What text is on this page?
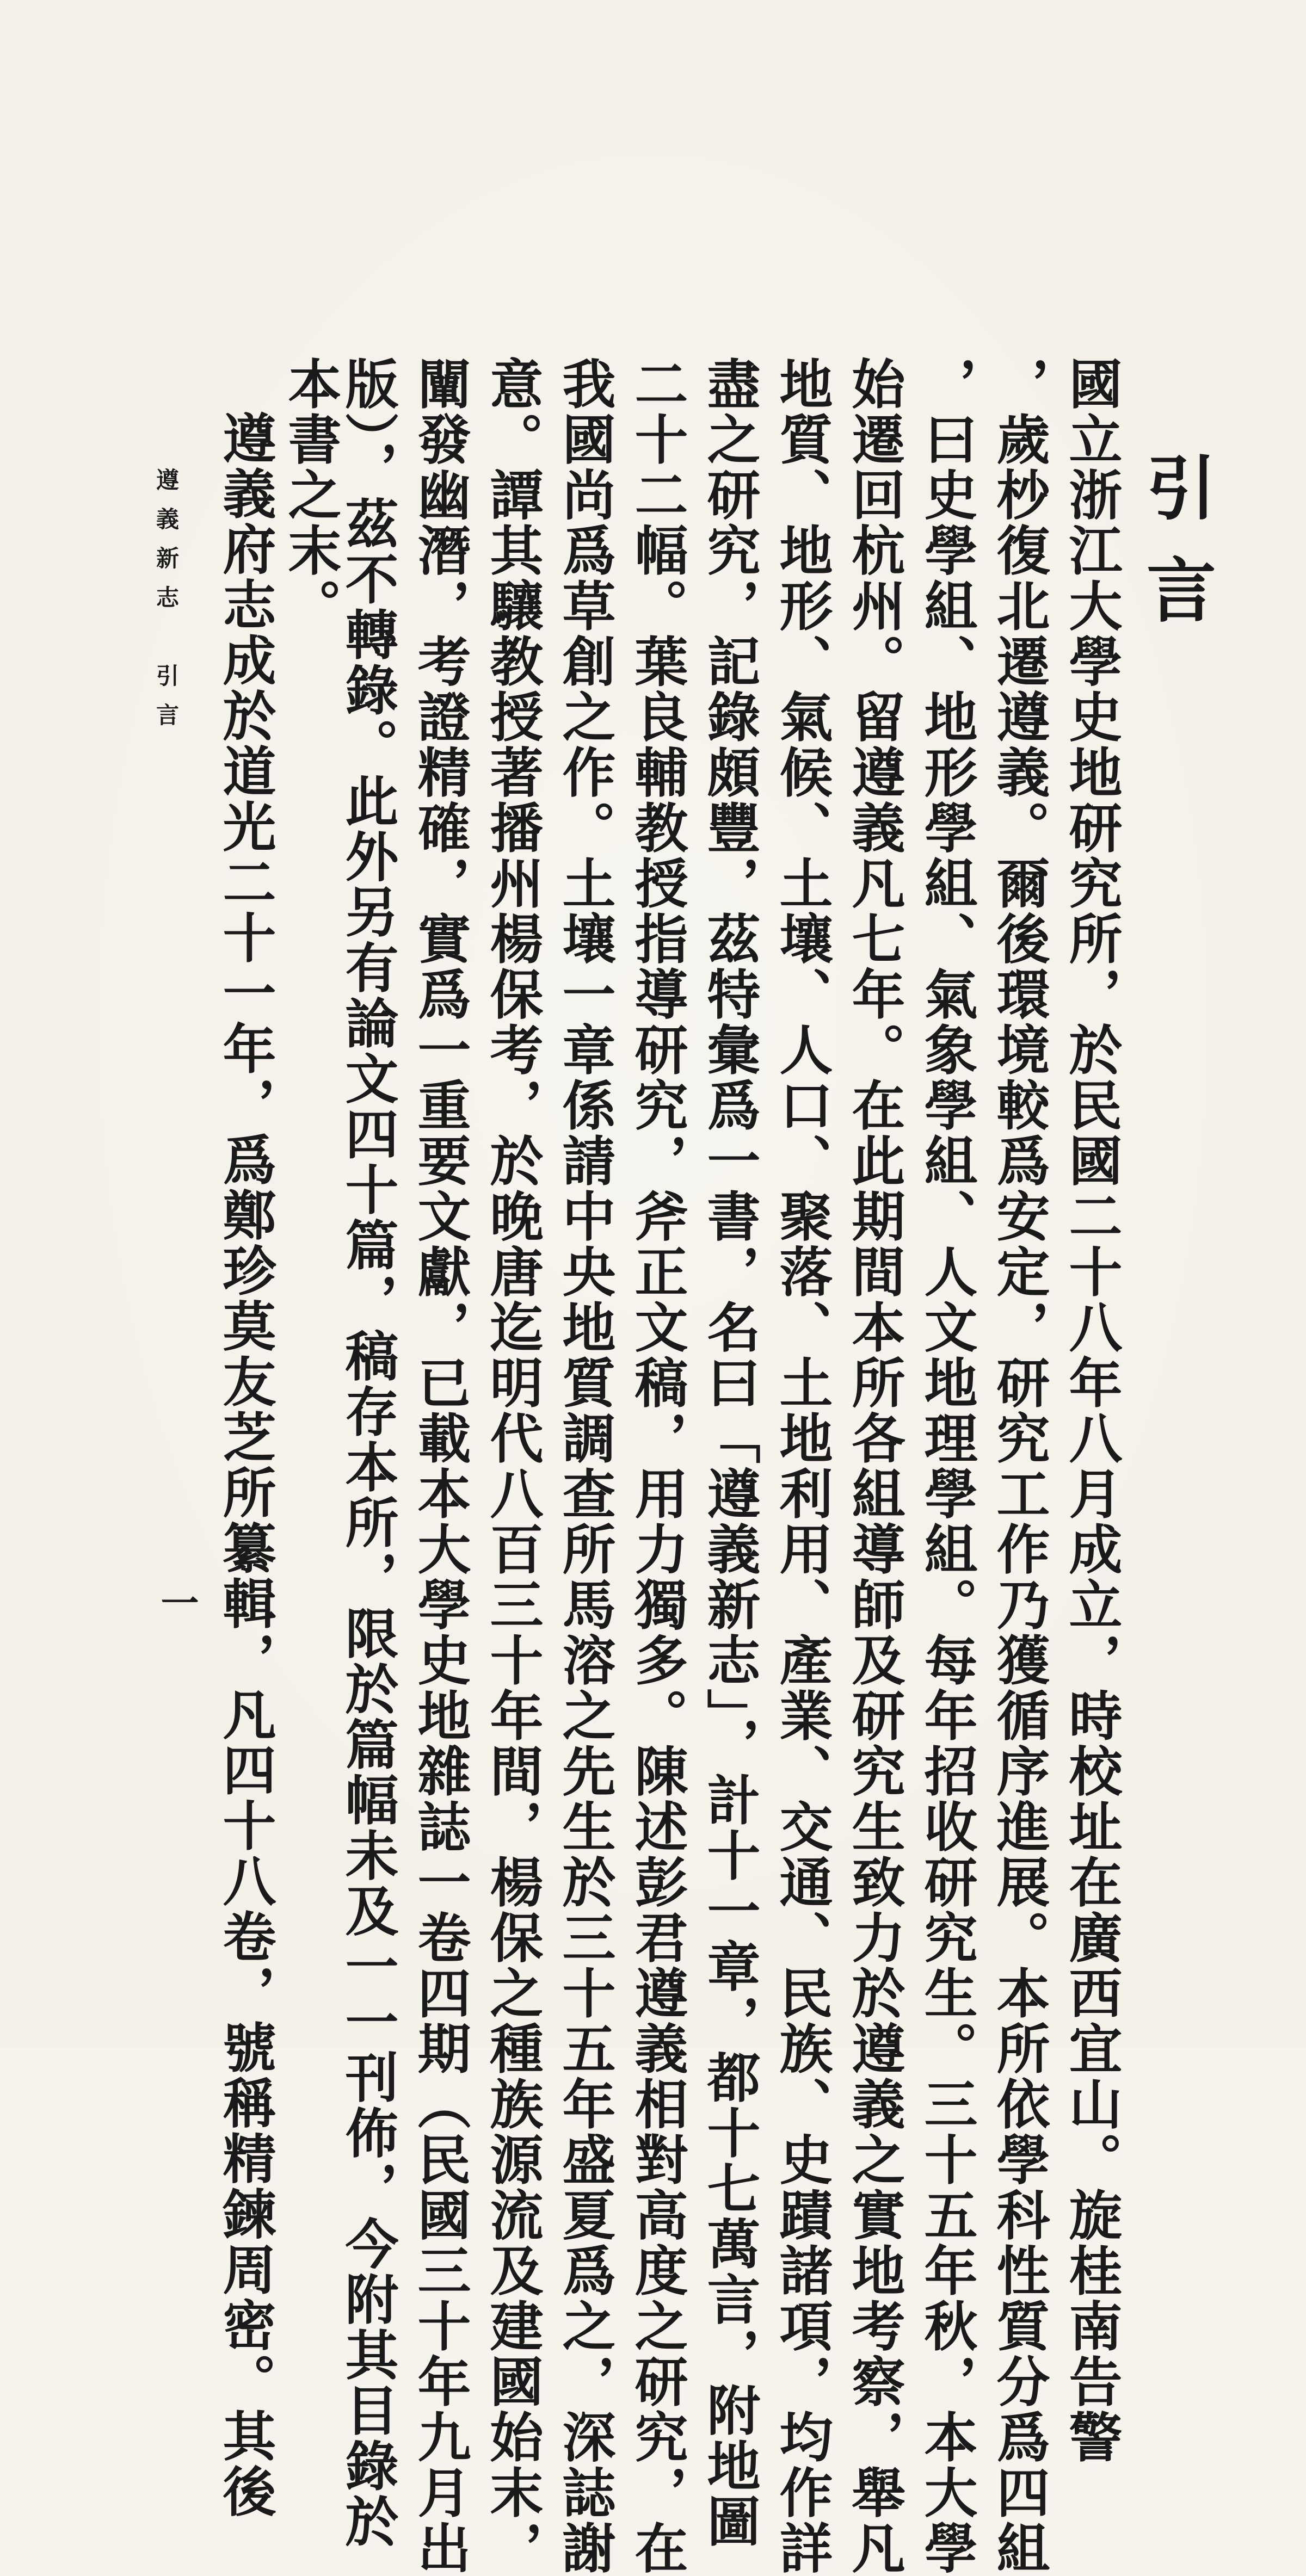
引言
國立浙江大學史地研究所，於民國二十八年八月成立，時校址在廣西宜山。旋桂南告警
，歲杪復北遷遵義。爾後環境較爲安定，研究工作乃獲循序進展。本所依學科性質分爲四組
，曰史學組、地形學組、氣象學組、人文地理學組。每年招收研究生。三十五年秋，本大學
始遷回杭州。留遵義凡七年。在此期間本所各組導師及研究生致力於遵義之實地考察，舉凡
地質、地形、氣候、土壤、人口、聚落、土地利用、產業、交通、民族、史蹟諸項，均作詳
盡之研究，記錄頗豐，茲特彙爲一書，名曰「遵義新志」，計十一章，都十七萬言，附地圖
二十二幅。葉良輔教授指導研究，斧正文稿，用力獨多。陳述彭君遵義相對高度之研究，在
我國尚爲草創之作。土壤一章係請中央地質調查所馬溶之先生於三十五年盛夏爲之，深誌謝
意。譚其驤教授著播州楊保考，於晚唐迄明代八百三十年間，楊保之種族源流及建國始末，
闡發幽潛，考證精確，實爲一重要文獻，已載本大學史地雜誌一卷四期（民國三十年九月出
版），茲不轉錄。此外另有論文四十篇，稿存本所，限於篇幅未及一一刊佈，今附其目錄於
本書之末。
遵義府志成於道光二十一年，爲鄭珍莫友芝所纂輯，凡四十八卷，號稱精鍊周密。其後
遵義新志　引言
一
